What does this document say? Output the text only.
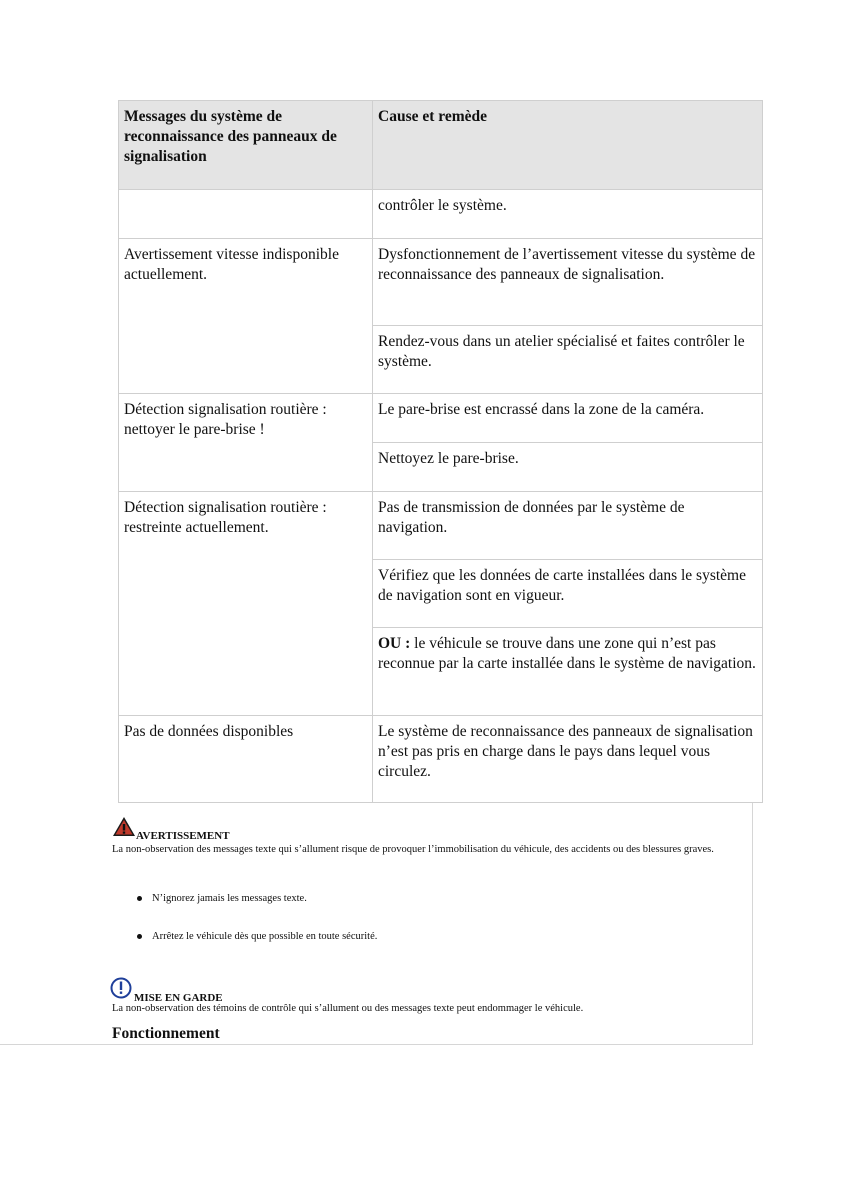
Messages du système de reconnaissance des panneaux de signalisation	Cause et remède
	contrôler le système.
Avertissement vitesse indisponible actuellement.	Dysfonctionnement de l’avertissement vitesse du système de reconnaissance des panneaux de signalisation.
	Rendez-vous dans un atelier spécialisé et faites contrôler le système.
Détection signalisation routière : nettoyer le pare-brise !	Le pare-brise est encrassé dans la zone de la caméra.
	Nettoyez le pare-brise.
Détection signalisation routière : restreinte actuellement.	Pas de transmission de données par le système de navigation.
	Vérifiez que les données de carte installées dans le système de navigation sont en vigueur.
	OU : le véhicule se trouve dans une zone qui n’est pas reconnue par la carte installée dans le système de navigation.
Pas de données disponibles	Le système de reconnaissance des panneaux de signalisation n’est pas pris en charge dans le pays dans lequel vous circulez.
AVERTISSEMENT
La non-observation des messages texte qui s’allument risque de provoquer l’immobilisation du véhicule, des accidents ou des blessures graves.
N’ignorez jamais les messages texte.
Arrêtez le véhicule dès que possible en toute sécurité.
MISE EN GARDE
La non-observation des témoins de contrôle qui s’allument ou des messages texte peut endommager le véhicule.
Fonctionnement
